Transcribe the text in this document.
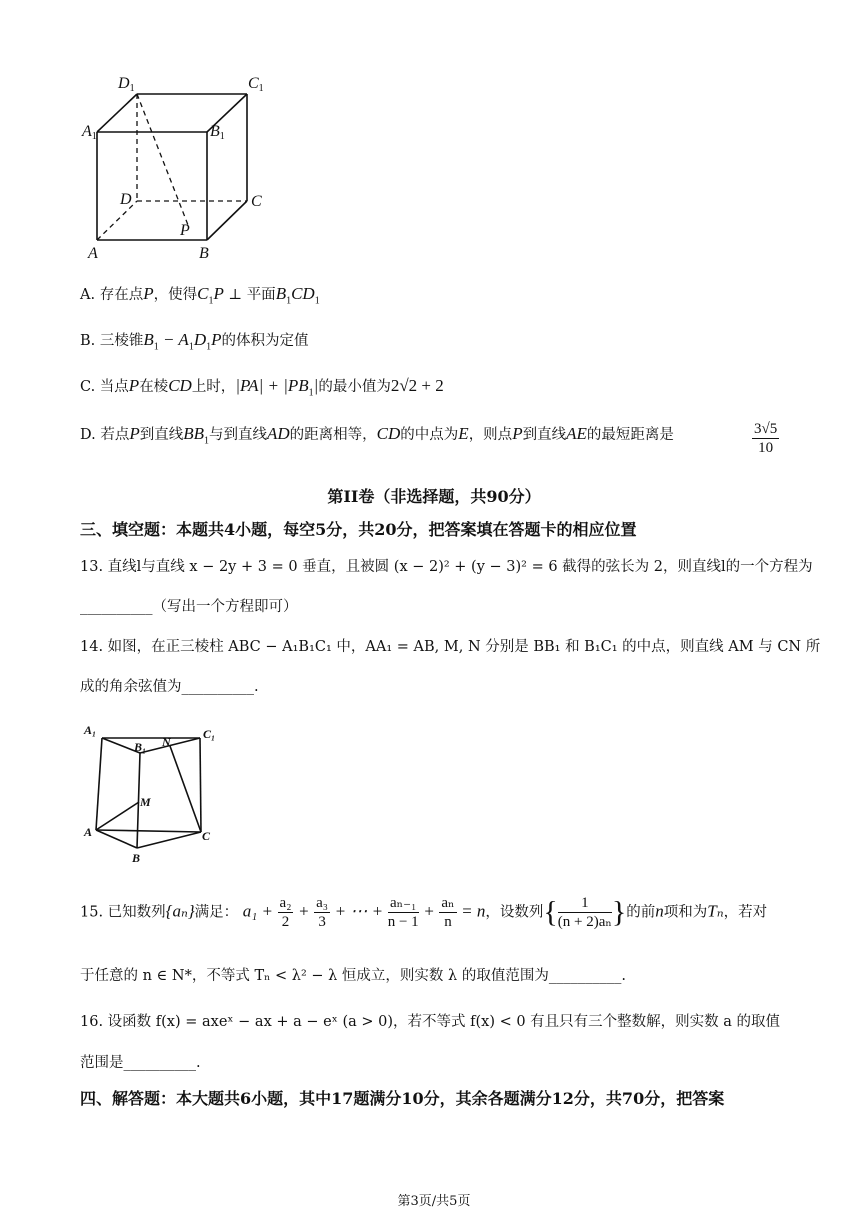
D1	C1
A1	B1
D	C
P
A	B
A. 存在点P，使得$C_1P$ ⊥ 平面$B_1CD_1$
B. 三棱锥$B_1 - A_1D_1P$的体积为定值
C. 当点P在棱CD上时，$|PA| + |PB_1|$的最小值为2√2 + 2
D. 若点P到直线$BB_1$与到直线AD的距离相等，CD的中点为E，则点P到直线AE的最短距离是	$\frac{3√5}{10}$
第II卷（非选择题，共90分）
三、填空题：本题共4小题，每空5分，共20分，把答案填在答题卡的相应位置
13. 直线l与直线 x − 2y + 3 = 0 垂直，且被圆 (x − 2)² + (y − 3)² = 6 截得的弦长为 2，则直线l的一个方程为
__________（写出一个方程即可）
14. 如图，在正三棱柱 ABC − A₁B₁C₁ 中，AA₁ = AB, M, N 分别是 BB₁ 和 B₁C₁ 的中点，则直线 AM 与 CN 所
成的角余弦值为__________.
A₁
B₁ N
C₁
M
A
B
C
15. 已知数列{aₙ}满足： $a_1 + \frac{\text{a₂}}{2} + \frac{\text{a₃}}{3}$ + ⋯ + $\frac{\text{aₙ₋₁}}{n - 1} + \frac{\text{aₙ}}{n} = n$，设数列{ $\frac{1}{\text{(n + 2)aₙ}}$ }的前n项和为Tₙ，若对
于任意的 n ∈ N*，不等式 Tₙ < λ² − λ 恒成立，则实数 λ 的取值范围为__________.
16. 设函数 f(x) = axeˣ − ax + a − eˣ (a > 0)，若不等式 f(x) < 0 有且只有三个整数解，则实数 a 的取值
范围是__________.
四、解答题：本大题共6小题，其中17题满分10分，其余各题满分12分，共70分，把答案
第3页/共5页
